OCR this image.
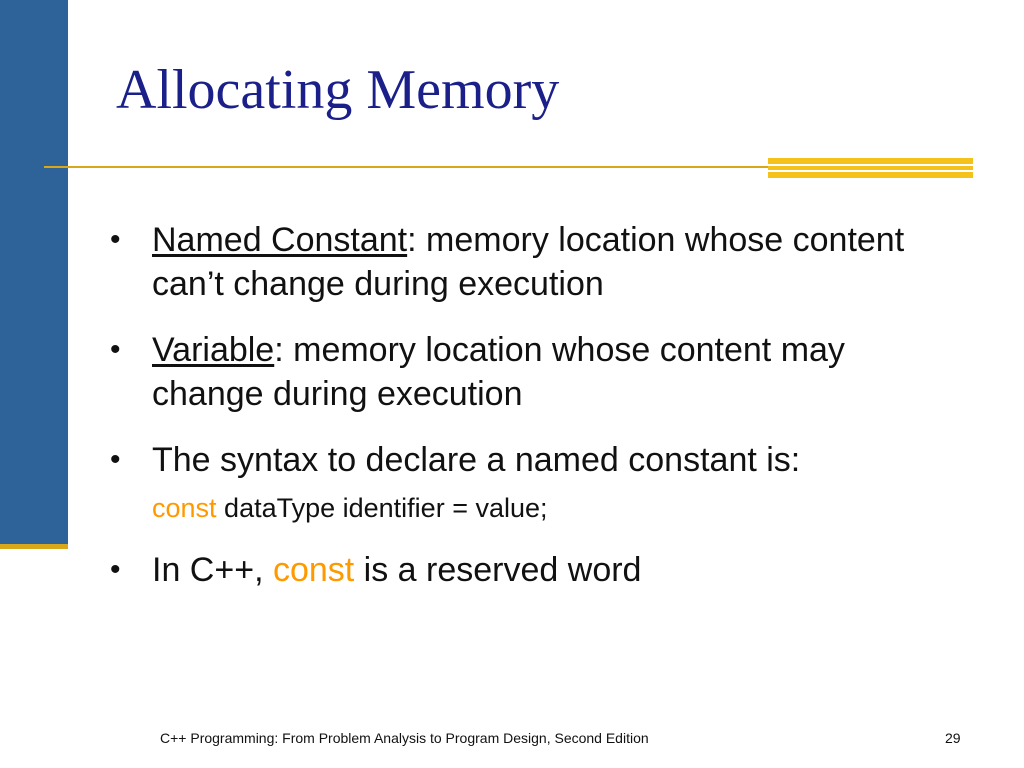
Allocating Memory
• Named Constant: memory location whose content can’t change during execution
• Variable: memory location whose content may change during execution
• The syntax to declare a named constant is:
const dataType identifier = value;
• In C++, const is a reserved word
C++ Programming: From Problem Analysis to Program Design, Second Edition	29
